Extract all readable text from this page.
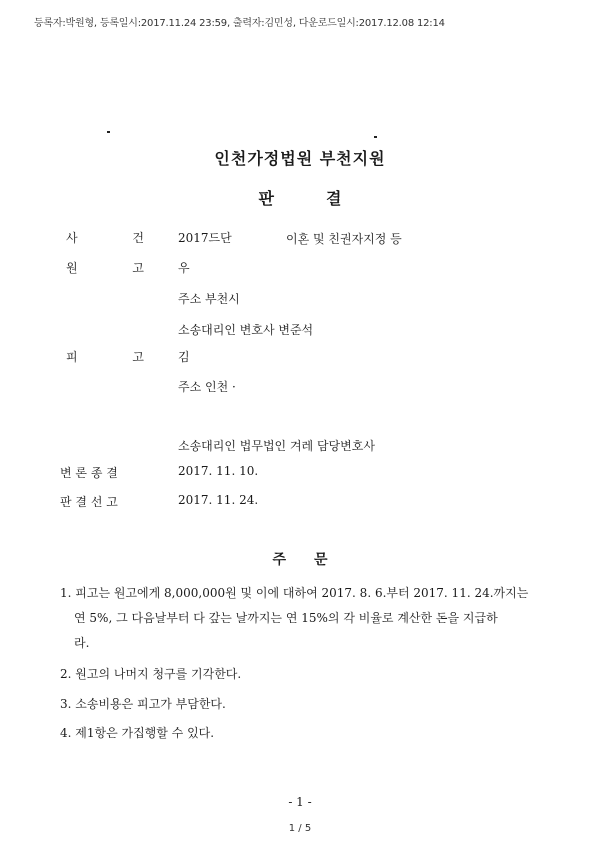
등록자:박원형, 등록일시:2017.11.24 23:59, 출력자:김민성, 다운로드일시:2017.12.08 12:14
인천가정법원 부천지원
판	결
사	건	2017드단	이혼 및 친권자지정 등
원	고	우
주소 부천시
소송대리인 변호사 변준석
피	고	김
주소 인천 ·
소송대리인 법무법인 겨레 담당변호사
변 론 종 결	2017. 11. 10.
판 결 선 고	2017. 11. 24.
주 문
1. 피고는 원고에게 8,000,000원 및 이에 대하여 2017. 8. 6.부터 2017. 11. 24.까지는
연 5%, 그 다음날부터 다 갚는 날까지는 연 15%의 각 비율로 계산한 돈을 지급하
라.
2. 원고의 나머지 청구를 기각한다.
3. 소송비용은 피고가 부담한다.
4. 제1항은 가집행할 수 있다.
- 1 -
1 / 5
